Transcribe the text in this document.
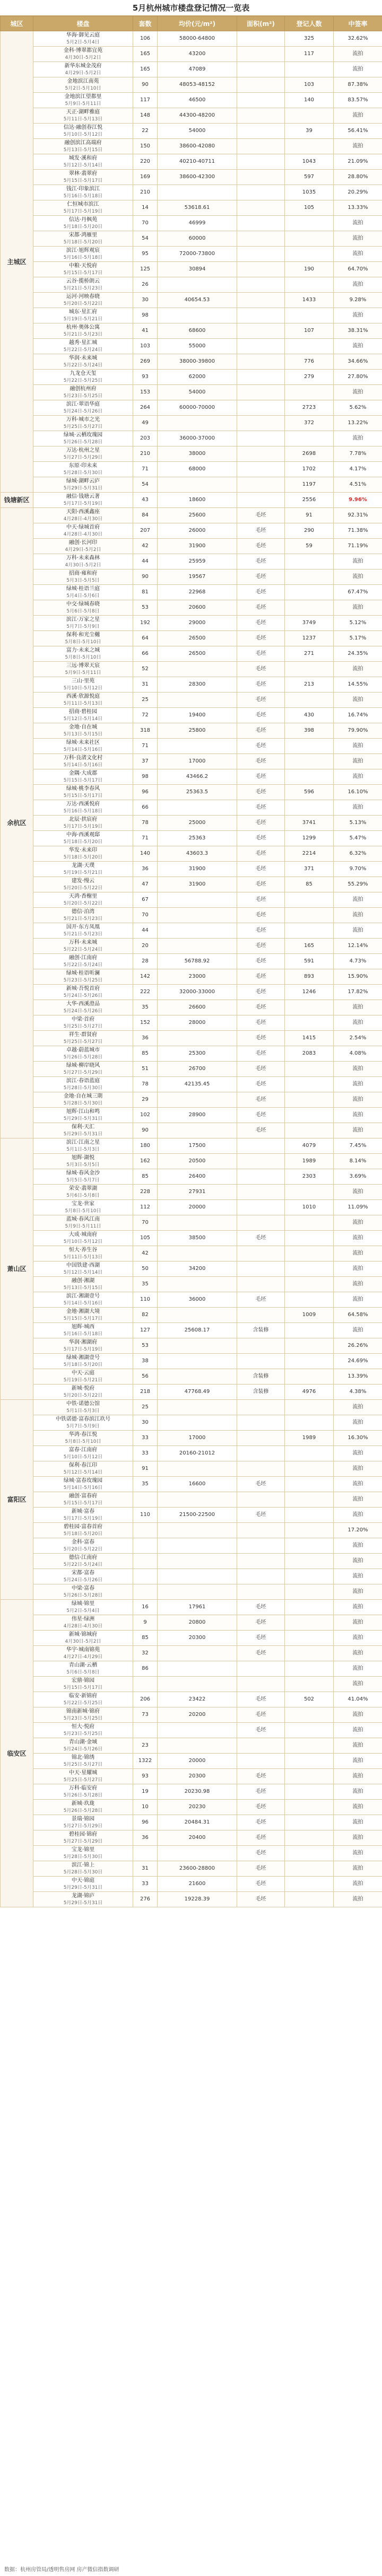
5月杭州城市楼盘登记情况一览表
城区	楼盘	套数	均价(元/m²)	面积(m²)	登记人数	中签率
主城区	华海·御见云庭
5月2日-5月4日	106	58000-64800		325	32.62%

	金科·博翠都宜苑
4月30日-5月2日	165	43200		117	流拍

	新华东城金茂府
4月29日-5月2日	165	47089			流拍

	金地滨江南苑
5月2日-5月10日	90	48053-48152		103	87.38%

	金地滨江望都里
5月9日-5月11日	117	46500		140	83.57%

	天正·湖畔雅庭
5月11日-5月13日	148	44300-48200			流拍

	信达·融创春江悦
5月10日-5月12日	22	54000		39	56.41%

	融创滨江高端府
5月13日-5月15日	150	38600-42080			流拍

	城发·溪和府
5月12日-5月14日	220	40210-40711		1043	21.09%

	翠林·翡翠府
5月15日-5月17日	169	38600-42300		597	28.80%

	钱江·印象滨江
5月16日-5月18日	210			1035	20.29%

	仁恒城市滨江
5月17日-5月19日	14	53618.61		105	13.33%

	信达·丹枫苑
5月18日-5月20日	70	46999			流拍

	宋都·鸿雁里
5月18日-5月20日	54	60000			流拍

	滨江·旭辉观宸
5月16日-5月18日	95	72000-73800			流拍

	中粮·天悦府
5月15日-5月17日	125	30894		190	64.70%

	云谷·揽桥朗云
5月21日-5月23日	26				流拍

	运河·河映春晓
5月20日-5月22日	30	40654.53		1433	9.28%

	城东·星汇府
5月19日-5月21日	98				流拍

	杭州·奥体公寓
5月21日-5月23日	41	68600		107	38.31%

	越秀·星汇城
5月22日-5月24日	103	55000			流拍

	华润·未来城
5月22日-5月24日	269	38000-39800		776	34.66%

	九龙仓天玺
5月22日-5月25日	93	62000		279	27.80%

	融创杭州府
5月23日-5月25日	153	54000			流拍

	滨江·翠语华庭
5月24日-5月26日	264	60000-70000		2723	5.62%

	万科·城市之光
5月25日-5月27日	49			372	13.22%

	绿城·云栖玫瑰园
5月26日-5月28日	203	36000-37000			流拍

	万达·杭州之星
5月27日-5月29日	210	38000		2698	7.78%

	东原·印未来
5月28日-5月30日	71	68000		1702	4.17%

	绿城·湖畔云庐
5月29日-5月31日	54			1197	4.51%
钱塘新区	融信·钱塘云著
5月17日-5月19日	43	18600		2556	9.96%
余杭区	天阳·西溪鑫座
4月28日-4月30日	84	25600	毛坯	91	92.31%

	中天·绿城首府
4月28日-4月30日	207	26000	毛坯	290	71.38%

	融创·长河印
4月29日-5月2日	42	31900	毛坯	59	71.19%

	万科·未来森林
4月30日-5月2日	44	25959	毛坯		流拍

	招商·雍和府
5月3日-5月5日	90	19567	毛坯		流拍

	绿城·桂语兰庭
5月4日-5月6日	81	22968	毛坯		67.47%

	中交·绿城春晓
5月6日-5月8日	53	20600	毛坯		流拍

	滨江·万家之星
5月7日-5月9日	192	29000	毛坯	3749	5.12%

	保利·和光尘樾
5月8日-5月10日	64	26500	毛坯	1237	5.17%

	富力·未来之城
5月8日-5月10日	66	26500	毛坯	271	24.35%

	三远·博翠天宸
5月9日-5月11日	52		毛坯		流拍

	三山·里苑
5月10日-5月12日	31	28300	毛坯	213	14.55%

	西溪·欣源悦庭
5月11日-5月13日	25		毛坯		流拍

	招商·碧桂园
5月12日-5月14日	72	19400	毛坯	430	16.74%

	金地·自在城
5月13日-5月15日	318	25800	毛坯	398	79.90%

	绿城·未来社区
5月14日-5月16日	71		毛坯		流拍

	万科·良渚文化村
5月14日-5月16日	37	17000	毛坯		流拍

	金隅·大成郡
5月15日-5月17日	98	43466.2	毛坯		流拍

	绿城·桃李春风
5月15日-5月17日	96	25363.5	毛坯	596	16.10%

	万达·西溪悦府
5月16日-5月18日	66		毛坯		流拍

	北辰·拱宸府
5月17日-5月19日	78	25000	毛坯	3741	5.13%

	中海·西溪观邸
5月18日-5月20日	71	25363	毛坯	1299	5.47%

	华发·未来印
5月18日-5月20日	140	43603.3	毛坯	2214	6.32%

	龙湖·天璞
5月19日-5月21日	36	31900	毛坯	371	9.70%

	建发·缦云
5月20日-5月22日	47	31900	毛坯	85	55.29%

	天鸿·香榭里
5月20日-5月22日	67		毛坯		流拍

	德信·泊湾
5月21日-5月23日	70		毛坯		流拍

	国开·东方凤凰
5月21日-5月23日	44		毛坯		流拍

	万科·未来城
5月22日-5月24日	20		毛坯	165	12.14%

	融创·江南府
5月22日-5月24日	28	56788.92	毛坯	591	4.73%

	绿城·桂语听澜
5月23日-5月25日	142	23000	毛坯	893	15.90%

	新城·吾悦首府
5月24日-5月26日	222	32000-33000	毛坯	1246	17.82%

	大华·西溪澄品
5月24日-5月26日	35	26600	毛坯		流拍

	中梁·首府
5月25日-5月27日	152	28000	毛坯		流拍

	祥生·群贤府
5月25日-5月27日	36		毛坯	1415	2.54%

	卓越·蔚蓝城市
5月26日-5月28日	85	25300	毛坯	2083	4.08%

	绿城·柳岸晓风
5月27日-5月29日	51	26700	毛坯		流拍

	滨江·春语蓝庭
5月28日-5月30日	78	42135.45	毛坯		流拍

	金地·自在城三期
5月28日-5月30日	29		毛坯		流拍

	旭辉·江山和鸣
5月29日-5月31日	102	28900	毛坯		流拍

	保利·天汇
5月29日-5月31日	90		毛坯		流拍
萧山区	滨江·江南之星
5月1日-5月3日	180	17500		4079	7.45%

	旭辉·湖悦
5月3日-5月5日	162	20500		1989	8.14%

	绿城·春风金沙
5月5日-5月7日	85	26400		2303	3.69%

	荣安·翡翠湖
5月6日-5月8日	228	27931			流拍

	宝龙·世家
5月8日-5月10日	112	20000		1010	11.09%

	蓝城·春风江南
5月9日-5月11日	70				流拍

	大成·城南府
5月10日-5月12日	105	38500	毛坯		流拍

	恒大·养生谷
5月11日-5月13日	42				流拍

	中国铁建·西湖
5月12日-5月14日	50	34200			流拍

	融创·湘湖
5月13日-5月15日	35				流拍

	滨江·湘湖壹号
5月14日-5月16日	110	36000	毛坯		流拍

	金地·湘湖大境
5月15日-5月17日	82			1009	64.58%

	旭辉·城西
5月16日-5月18日	127	25608.17	含装修		流拍

	华润·湘湖府
5月17日-5月19日	53				26.26%

	绿城·湘湖壹号
5月18日-5月20日	38				24.69%

	中天·云庭
5月19日-5月21日	56		含装修		13.39%

	新城·悦府
5月20日-5月22日	218	47768.49	含装修	4976	4.38%
富阳区	中铁·诺德公馆
5月1日-5月3日	25				流拍

	中铁诺德·富春滨江玖号
5月7日-5月9日	30				流拍

	华鸿·春江悦
5月8日-5月10日	33	17000		1989	16.30%

	富春·江南府
5月10日-5月12日	33	20160-21012			流拍

	保利·春江印
5月12日-5月14日	91				流拍

	绿城·富春玫瑰园
5月14日-5月16日	35	16600	毛坯		流拍

	融创·富春府
5月15日-5月17日					流拍

	新城·富春
5月17日-5月19日	110	21500-22500	毛坯		流拍

	碧桂园·富春首府
5月18日-5月20日					17.20%

	金科·富春
5月20日-5月22日					流拍

	德信·江南府
5月22日-5月24日					流拍

	宋都·富春
5月24日-5月26日					流拍

	中梁·富春
5月26日-5月28日					流拍
临安区	绿城·锦里
5月2日-5月4日	16	17961	毛坯		流拍

	伟星·绿洲
4月28日-4月30日	9	20800	毛坯		流拍

	新城·锦城府
4月30日-5月2日	85	20300	毛坯		流拍

	华宇·城南锦苑
4月27日-4月29日	32		毛坯		流拍

	青山湖·云栖
5月6日-5月8日	86				流拍

	宏鼎·锦园
5月15日-5月17日					流拍

	临安·新锦府
5月22日-5月25日	206	23422	毛坯	502	41.04%

	锦南新城·锦府
5月23日-5月25日	73	20200	毛坯		流拍

	恒大·悦府
5月23日-5月25日			毛坯		流拍

	青山湖·金域
5月24日-5月26日	23				流拍

	锦北·锦绣
5月25日-5月27日	1322	20000			流拍

	中天·星耀城
5月25日-5月27日	93	20300	毛坯		流拍

	万科·临安府
5月26日-5月28日	19	20230.98	毛坯		流拍

	新城·玖珑
5月26日-5月28日	10	20230	毛坯		流拍

	景瑞·锦园
5月27日-5月29日	96	20484.31	毛坯		流拍

	碧桂园·锦府
5月27日-5月29日	36	20400	毛坯		流拍

	宝龙·锦里
5月28日-5月30日			毛坯		流拍

	滨江·锦上
5月28日-5月30日	31	23600-28800	毛坯		流拍

	中天·锦庭
5月29日-5月31日	33	21600	毛坯		流拍

	龙湖·锦庐
5月29日-5月31日	276	19228.39	毛坯		流拍
数据：杭州房管局/透明售房网 房产微信指数调研
